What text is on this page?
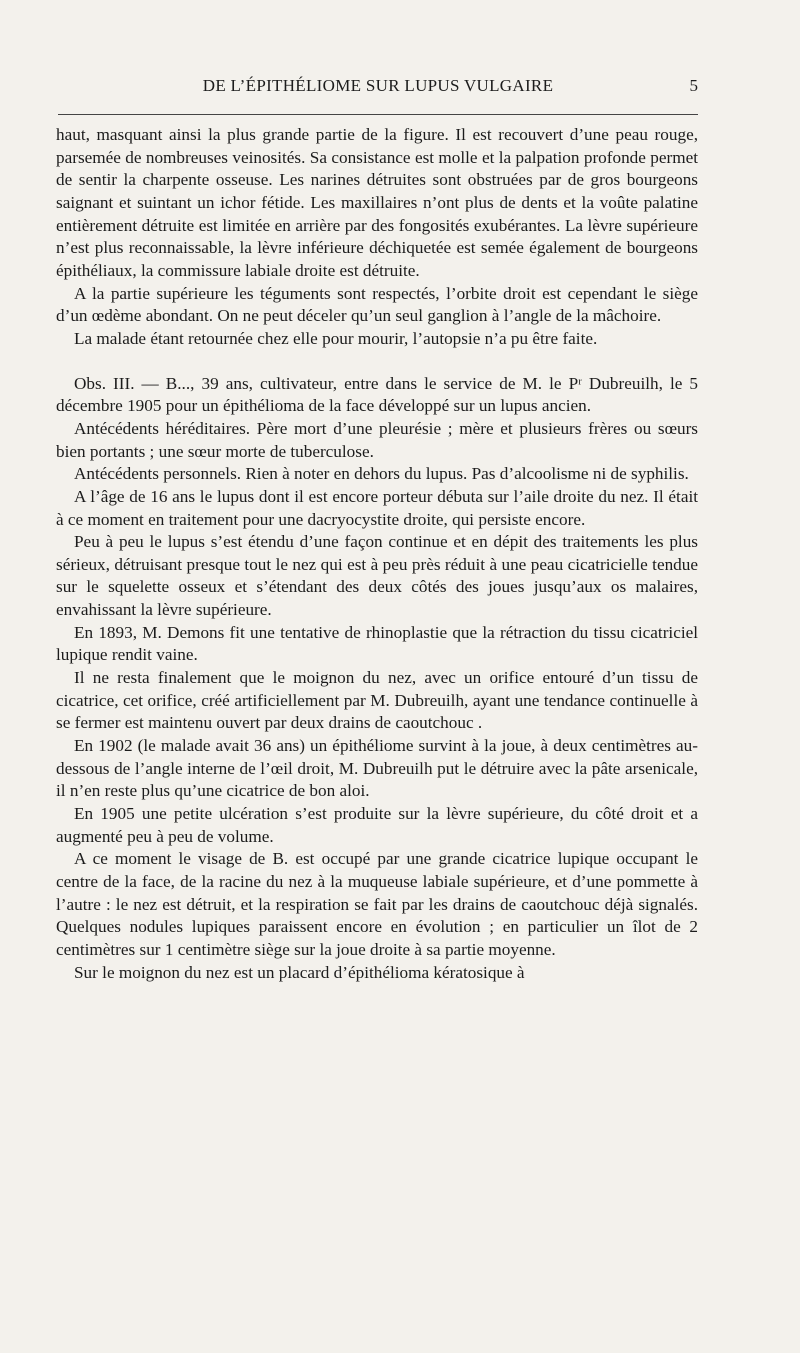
DE L’ÉPITHÉLIOME SUR LUPUS VULGAIRE	5

haut, masquant ainsi la plus grande partie de la figure. Il est recouvert d’une peau rouge, parsemée de nombreuses veinosités. Sa consistance est molle et la palpation profonde permet de sentir la charpente osseuse. Les narines détruites sont obstruées par de gros bourgeons saignant et suintant un ichor fétide. Les maxillaires n’ont plus de dents et la voûte palatine entièrement détruite est limitée en arrière par des fongosités exubérantes. La lèvre supérieure n’est plus reconnaissable, la lèvre inférieure déchiquetée est semée également de bourgeons épithéliaux, la commissure labiale droite est détruite.

A la partie supérieure les téguments sont respectés, l’orbite droit est cependant le siège d’un œdème abondant. On ne peut déceler qu’un seul ganglion à l’angle de la mâchoire.

La malade étant retournée chez elle pour mourir, l’autopsie n’a pu être faite.

Obs. III. — B..., 39 ans, cultivateur, entre dans le service de M. le Pʳ Dubreuilh, le 5 décembre 1905 pour un épithélioma de la face développé sur un lupus ancien.

Antécédents héréditaires. Père mort d’une pleurésie ; mère et plusieurs frères ou sœurs bien portants ; une sœur morte de tuberculose.

Antécédents personnels. Rien à noter en dehors du lupus. Pas d’alcoolisme ni de syphilis.

A l’âge de 16 ans le lupus dont il est encore porteur débuta sur l’aile droite du nez. Il était à ce moment en traitement pour une dacryocystite droite, qui persiste encore.

Peu à peu le lupus s’est étendu d’une façon continue et en dépit des traitements les plus sérieux, détruisant presque tout le nez qui est à peu près réduit à une peau cicatricielle tendue sur le squelette osseux et s’étendant des deux côtés des joues jusqu’aux os malaires, envahissant la lèvre supérieure.

En 1893, M. Demons fit une tentative de rhinoplastie que la rétraction du tissu cicatriciel lupique rendit vaine.

Il ne resta finalement que le moignon du nez, avec un orifice entouré d’un tissu de cicatrice, cet orifice, créé artificiellement par M. Dubreuilh, ayant une tendance continuelle à se fermer est maintenu ouvert par deux drains de caoutchouc .

En 1902 (le malade avait 36 ans) un épithéliome survint à la joue, à deux centimètres au-dessous de l’angle interne de l’œil droit, M. Dubreuilh put le détruire avec la pâte arsenicale, il n’en reste plus qu’une cicatrice de bon aloi.

En 1905 une petite ulcération s’est produite sur la lèvre supérieure, du côté droit et a augmenté peu à peu de volume.

A ce moment le visage de B. est occupé par une grande cicatrice lupique occupant le centre de la face, de la racine du nez à la muqueuse labiale supérieure, et d’une pommette à l’autre : le nez est détruit, et la respiration se fait par les drains de caoutchouc déjà signalés. Quelques nodules lupiques paraissent encore en évolution ; en particulier un îlot de 2 centimètres sur 1 centimètre siège sur la joue droite à sa partie moyenne.

Sur le moignon du nez est un placard d’épithélioma kératosique à
